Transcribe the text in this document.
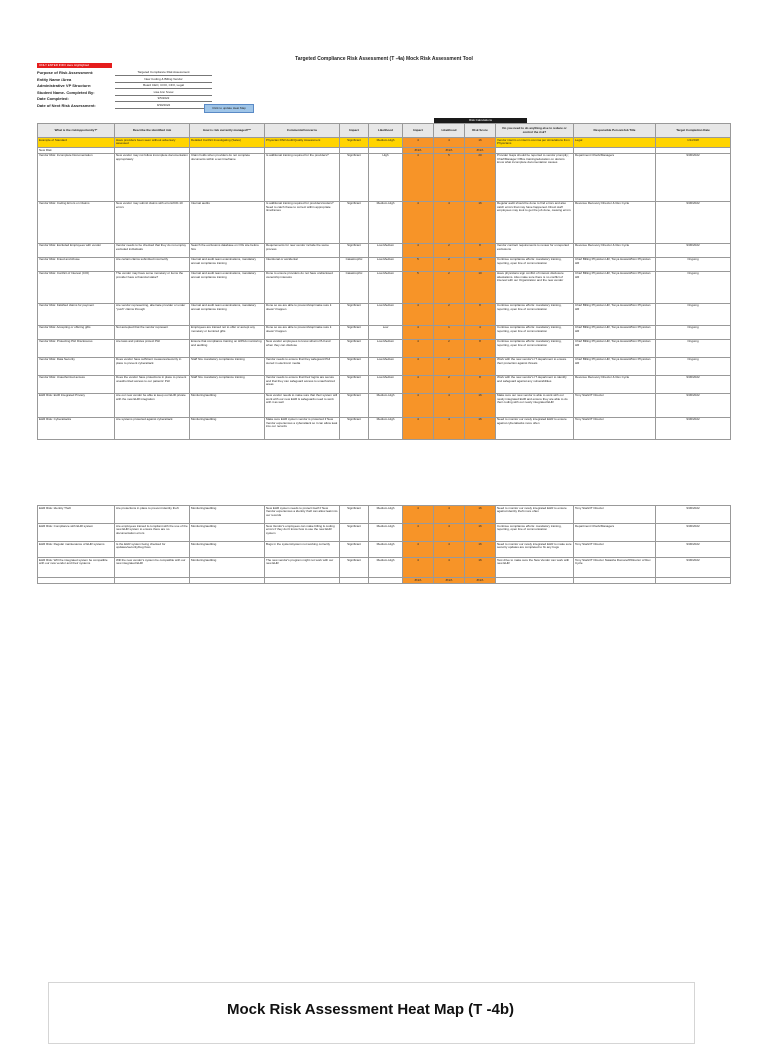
Targeted Compliance Risk Assessment (T -4a) Mock Risk Assessment Tool
ONLY ENTER INFO Here Highlighted
Purpose of Risk Assessment:	Targeted Compliance Risk Assessment
Entity Name /Area	New Coding & Billing Vendor
Administrative VP Structure:	Board CEO, COO, CFO, Legal
Student Name- Completed By:	Lisa Ann Snow
Date Completed:	9/5/2022
Date of Next Risk Assessment:	9/30/2022
Click to update Heat Map
Risk Calculations
What is the risk/opportunity?*	Describe the identified risk	How is risk currently managed?**	Comments/Concerns	Impact	Likelihood	Impact	Likelihood	Risk Score	Do you need to do anything else to reduce or control the risk?	Responsible Person/Job Title	Target Completion Date
Example of Standard	Have providers been seen without adversary assessed	Detailed Conflict Investigating (Sales)	Physician PAR Audit/Quality Assessment	Significant	Medium-High	4	4	16	Vendor interim on interim comma per stimulations from Physicians	Legal	1/1/2018
New Risk						#N/A	#N/A	#N/A			
Vendor Risk: Incomplete Documentation	New vendor may not follow incomplete documentation appropriately	Claim holds when providers do not complete documents within a set timeframe	Is additional training required for the providers?	Significant	High	4	5	20	Provider Gaps should be reported to vendor promptly; Chief/Manager Office training/education on doctors know what incomplete documentation causes	Department Chiefs/Managers	9/30/2022
Vendor Risk: Coding Errors on Claims	New vendor may submit claims with errors/ICD-10 errors	Internal audits	Is additional training required for providers/coders? Need to catch these to correct within appropriate timeframes	Significant	Medium-High	4	4	16	Regular audit should be done to find errors and also catch errors that may have happened. Direct staff employees may look to get the job done, causing errors	Revenue Recovery Director & Rev Cycle	9/30/2022
Vendor Risk: Excluded Employees with vendor	Vendor needs to be checked that they do not employ excluded individuals	Search the exclusions database on OIG site before hire	Requirements for new vendor include the same process	Significant	Low-Medium	4	2	8	Vendor contract requirements to review for unreported exclusions	Revenue Recovery Director & Rev Cycle	9/30/2022
Vendor Risk: Fraud and Abuse	Are certain claims submitted incorrectly	Internal and audit team examinations, mandatory annual compliance training	Intentional or accidental	Catastrophic	Low-Medium	5	2	10	Continue compliance efforts: mandatory training, reporting, open line of communication	Chief Billing Physician HR, Tonya Howard/Non Physician HR	Ongoing
Vendor Risk: Conflict of Interest (COI)	The vendor may have some monetary or items the provider have a financial stake?	Internal and audit team examinations, mandatory annual compliance training	Done to ensure providers do not have undisclosed ownership interests	Catastrophic	Low-Medium	5	2	10	Have physicians sign conflict of interest disclosure attestations. Also make sure there is no conflict of interest with our Organization and the new vendor	Chief Billing Physician HR, Tonya Howard/Non Physician HR	Ongoing
Vendor Risk: Falsified claims for payment	Are vendor representing, alternate provider or under "push" claims through	Internal and audit team examinations, mandatory annual compliance training	Done so we are able to prevent/stop/make sure it doesn't happen	Significant	Low-Medium	4	2	8	Continue compliance efforts: mandatory training, reporting, open line of communication	Chief Billing Physician HR, Tonya Howard/Non Physician HR	Ongoing
Vendor Risk: Accepting or offering gifts	Not accepted that the vendor represent	Employees are trained not to offer or accept any monetary or itemized gifts	Done so we are able to prevent/stop/make sure it doesn't happen	Significant	Low	4	1	4	Continue compliance efforts: mandatory training, reporting, open line of communication	Chief Billing Physician HR, Tonya Howard/Non Physician HR	Ongoing
Vendor Risk: Protecting PHI Disclosures	Are laws and policies protect PHI	Ensure that compliance training on HIPAA monitoring and auditing	New vendor employees to know what is PHI and when they can disclose	Significant	Low-Medium	4	2	8	Continue compliance efforts: mandatory training, reporting, open line of communication	Chief Billing Physician HR, Tonya Howard/Non Physician HR	Ongoing
Vendor Risk: Data Security	Does vendor have sufficient measures/security in place to prevent cyberattack	Staff hire mandatory compliance training	Vendor needs to ensure that they safeguard PHI stored in electronic media	Significant	Low-Medium	4	2	8	Work with the new vendor's IT department to ensure their protection against threats	Chief Billing Physician HR, Tonya Howard/Non Physician HR	Ongoing
Vendor Risk: Unauthorized access	Does the vendor have protections in place to prevent unauthorized access to our patients' PHI	Staff hire mandatory compliance training	Vendor needs to ensure that their logins are secure and that they can safeguard access to unauthorized areas	Significant	Low-Medium	4	2	8	Work with the new vendor's IT department to identify and safeguard against any vulnerabilities	Revenue Recovery Director & Rev Cycle	9/30/2022
EHR Risk: EHR Integrated Privacy	Are our new vendor be able to keep our EHR private with the new EHR integration	Monitoring/auditing	New vendor needs to make sure that their system will work with our new EHR & safeguards need to work with it as well	Significant	Medium-High	4	4	16	Make sure our new vendor is able to work with our newly integrated EHR and ensure they are able to do their coding with our newly integrated EHR	Tony Stark/IT Director	9/30/2022
EHR Risk: Cyberattacks	Are systems protected against cyberattack	Monitoring/auditing	Make sure EHR system vendor is protected if New Vendor experiences a cyberattack so it can allow leak into our records	Significant	Medium-High	4	4	16	Need to monitor our newly integrated EHR to ensure against cyberattacks more often	Tony Stark/IT Director	9/30/2022
EHR Risk: Identity Theft	Are protections in place to prevent identity theft	Monitoring/auditing	New EHR system needs to protect itself if New Vendor experiences a identity theft can allow leak into our records	Significant	Medium-High	4	4	16	Need to monitor our newly integrated EHR to ensure against identity theft more often	Tony Stark/IT Director	9/30/2022
EHR Risk: Compliance with EHR system	Are employees trained & compliant with the use of the new EHR system to ensure there are no documentation errors	Monitoring/auditing	New Vendor's employees can make billing & coding errors if they don't know how to use the new EHR system	Significant	Medium-High	4	4	16	Continue compliance efforts: mandatory training, reporting, open line of communication	Department Chiefs/Managers	9/30/2022
EHR Risk: Regular maintenance of EHR systems	Is the EHR system being checked for updates/security/bug fixes	Monitoring/auditing	Bugs in the system/system not working correctly	Significant	Medium-High	4	4	16	Need to monitor our newly integrated EHR to make sure security updates are completed to fix any bugs	Tony Stark/IT Director	9/30/2022
EHR Risk: Will the integrated system be compatible with our new vendor and their systems	Will the new vendor's system be compatible with our new integrated EHR	Monitoring/auditing	The new vendor's program might not work with our new EHR	Significant	Medium-High	4	4	16	Test drive to make sure the New Vendor can work with new EHR	Tony Stark/IT Director Natasha Romanoff/Director of Rev Cycle	9/30/2022
						#N/A	#N/A	#N/A			
Mock Risk Assessment Heat Map (T -4b)
